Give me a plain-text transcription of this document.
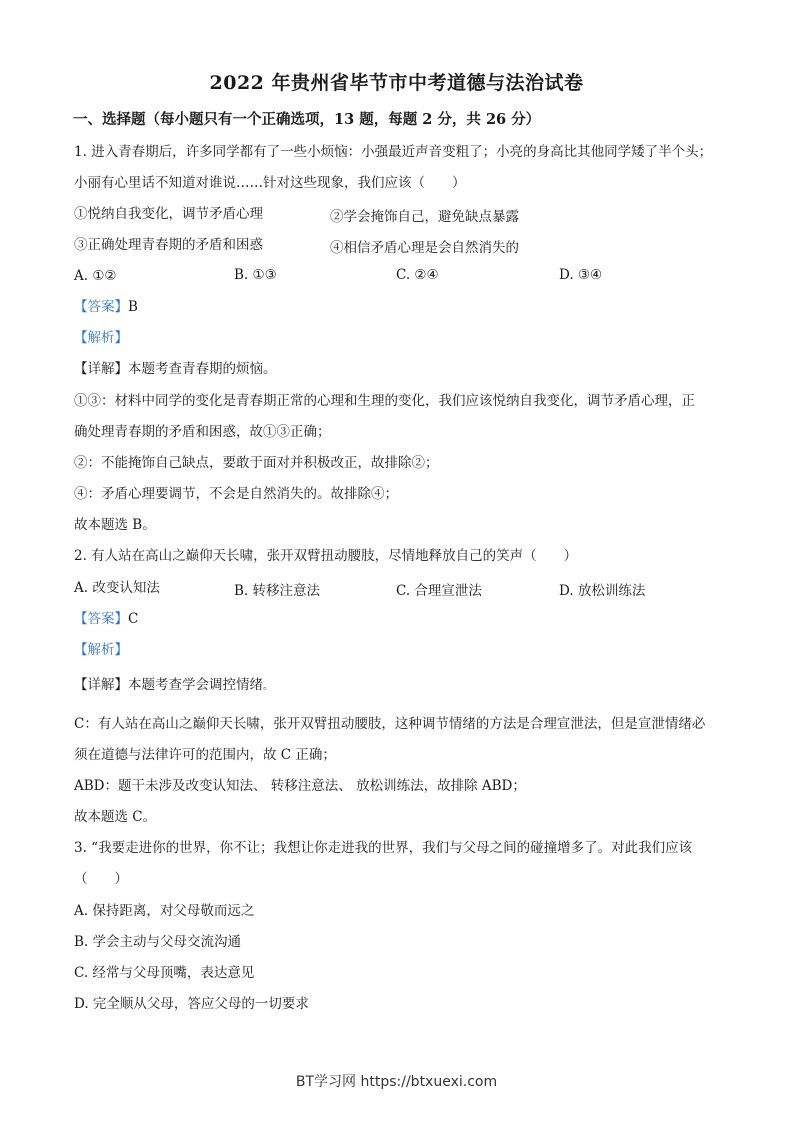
2022 年贵州省毕节市中考道德与法治试卷
一、选择题（每小题只有一个正确选项，13 题，每题 2 分，共 26 分）
1. 进入青春期后，许多同学都有了一些小烦恼：小强最近声音变粗了；小亮的身高比其他同学矮了半个头；
小丽有心里话不知道对谁说……针对这些现象，我们应该（　　）
①悦纳自我变化，调节矛盾心理	②学会掩饰自己，避免缺点暴露
③正确处理青春期的矛盾和困惑	④相信矛盾心理是会自然消失的
A. ①②	B. ①③	C. ②④	D. ③④
【答案】B
【解析】
【详解】本题考查青春期的烦恼。
①③：材料中同学的变化是青春期正常的心理和生理的变化，我们应该悦纳自我变化，调节矛盾心理，正
确处理青春期的矛盾和困惑，故①③正确；
②：不能掩饰自己缺点，要敢于面对并积极改正，故排除②；
④：矛盾心理要调节，不会是自然消失的。故排除④；
故本题选 B。
2. 有人站在高山之巅仰天长啸，张开双臂扭动腰肢，尽情地释放自己的笑声（　　）
A. 改变认知法	B. 转移注意法	C. 合理宣泄法	D. 放松训练法
【答案】C
【解析】
【详解】本题考查学会调控情绪。
C：有人站在高山之巅仰天长啸，张开双臂扭动腰肢，这种调节情绪的方法是合理宣泄法，但是宣泄情绪必
须在道德与法律许可的范围内，故 C 正确；
ABD：题干未涉及改变认知法、 转移注意法、 放松训练法，故排除 ABD；
故本题选 C。
3. “我要走进你的世界，你不让；我想让你走进我的世界，我们与父母之间的碰撞增多了。对此我们应该
（　　）
A. 保持距离，对父母敬而远之
B. 学会主动与父母交流沟通
C. 经常与父母顶嘴，表达意见
D. 完全顺从父母，答应父母的一切要求
BT学习网 https://btxuexi.com
